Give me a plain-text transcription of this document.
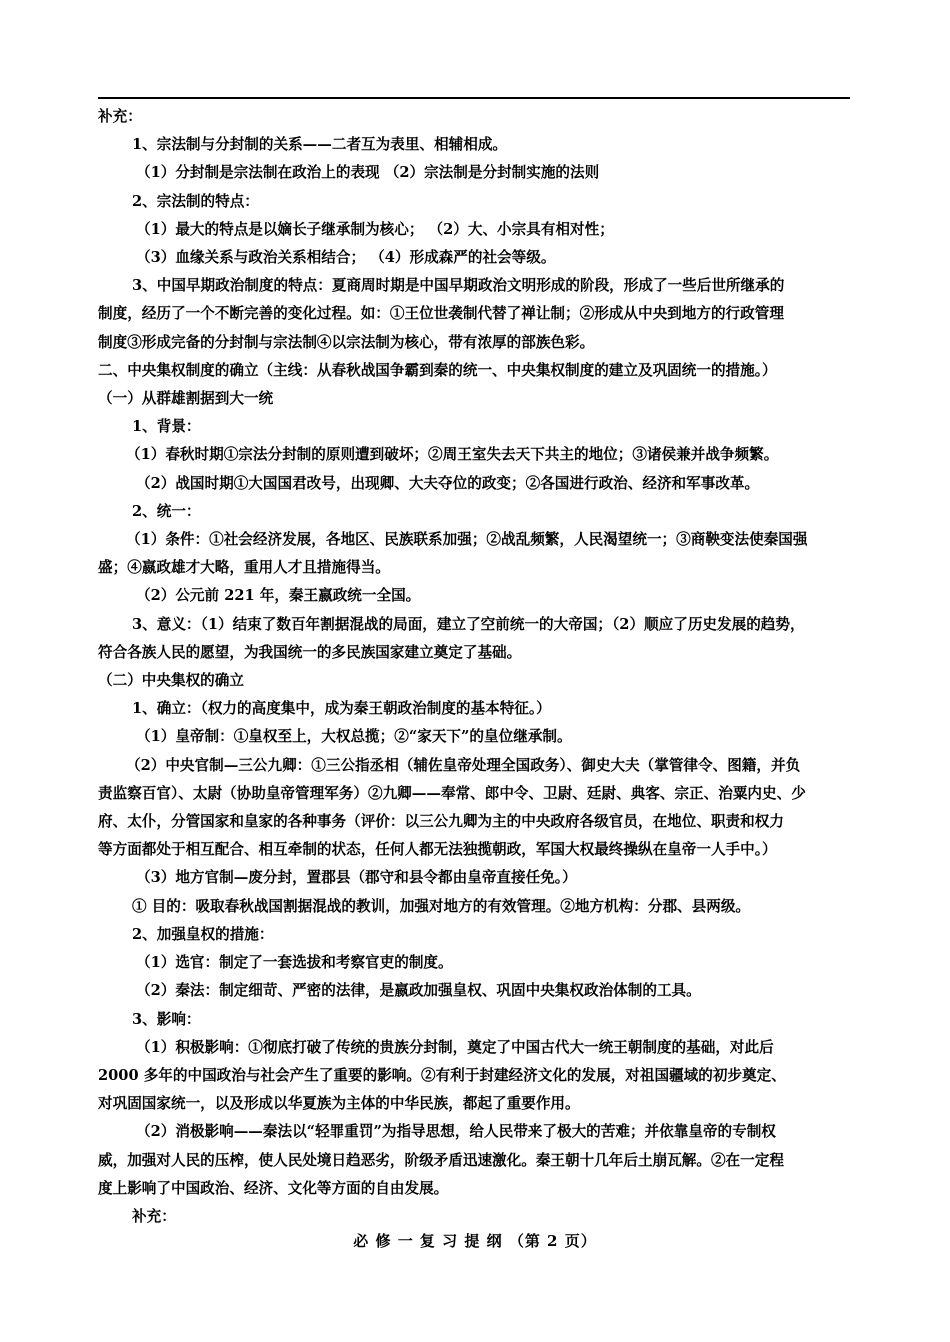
补充：
1、宗法制与分封制的关系——二者互为表里、相辅相成。
（1）分封制是宗法制在政治上的表现 （2）宗法制是分封制实施的法则
2、宗法制的特点：
（1）最大的特点是以嫡长子继承制为核心； （2）大、小宗具有相对性；
（3）血缘关系与政治关系相结合； （4）形成森严的社会等级。
3、中国早期政治制度的特点：夏商周时期是中国早期政治文明形成的阶段，形成了一些后世所继承的
制度，经历了一个不断完善的变化过程。如：①王位世袭制代替了禅让制；②形成从中央到地方的行政管理
制度③形成完备的分封制与宗法制④以宗法制为核心，带有浓厚的部族色彩。
二、中央集权制度的确立（主线：从春秋战国争霸到秦的统一、中央集权制度的建立及巩固统一的措施。）
（一）从群雄割据到大一统
1、背景：
（1）春秋时期①宗法分封制的原则遭到破坏；②周王室失去天下共主的地位；③诸侯兼并战争频繁。
（2）战国时期①大国国君改号，出现卿、大夫夺位的政变；②各国进行政治、经济和军事改革。
2、统一：
（1）条件：①社会经济发展，各地区、民族联系加强；②战乱频繁，人民渴望统一；③商鞅变法使秦国强
盛；④嬴政雄才大略，重用人才且措施得当。
（2）公元前 221 年，秦王嬴政统一全国。
3、意义：（1）结束了数百年割据混战的局面，建立了空前统一的大帝国；（2）顺应了历史发展的趋势，
符合各族人民的愿望，为我国统一的多民族国家建立奠定了基础。
（二）中央集权的确立
1、确立：（权力的高度集中，成为秦王朝政治制度的基本特征。）
（1）皇帝制：①皇权至上，大权总揽；②“家天下”的皇位继承制。
（2）中央官制—三公九卿：①三公指丞相（辅佐皇帝处理全国政务）、御史大夫（掌管律令、图籍，并负
责监察百官）、太尉（协助皇帝管理军务）②九卿——奉常、郎中令、卫尉、廷尉、典客、宗正、治粟内史、少
府、太仆，分管国家和皇家的各种事务（评价：以三公九卿为主的中央政府各级官员，在地位、职责和权力
等方面都处于相互配合、相互牵制的状态，任何人都无法独揽朝政，军国大权最终操纵在皇帝一人手中。）
（3）地方官制—废分封，置郡县（郡守和县令都由皇帝直接任免。）
① 目的：吸取春秋战国割据混战的教训，加强对地方的有效管理。②地方机构：分郡、县两级。
2、加强皇权的措施：
（1）选官：制定了一套选拔和考察官吏的制度。
（2）秦法：制定细苛、严密的法律，是嬴政加强皇权、巩固中央集权政治体制的工具。
3、影响：
（1）积极影响：①彻底打破了传统的贵族分封制，奠定了中国古代大一统王朝制度的基础，对此后
2000 多年的中国政治与社会产生了重要的影响。②有利于封建经济文化的发展，对祖国疆域的初步奠定、
对巩固国家统一，以及形成以华夏族为主体的中华民族，都起了重要作用。
（2）消极影响——秦法以“轻罪重罚”为指导思想，给人民带来了极大的苦难；并依靠皇帝的专制权
威，加强对人民的压榨，使人民处境日趋恶劣，阶级矛盾迅速激化。秦王朝十几年后土崩瓦解。②在一定程
度上影响了中国政治、经济、文化等方面的自由发展。
补充：
必 修 一 复 习 提 纲 （第 2 页）
